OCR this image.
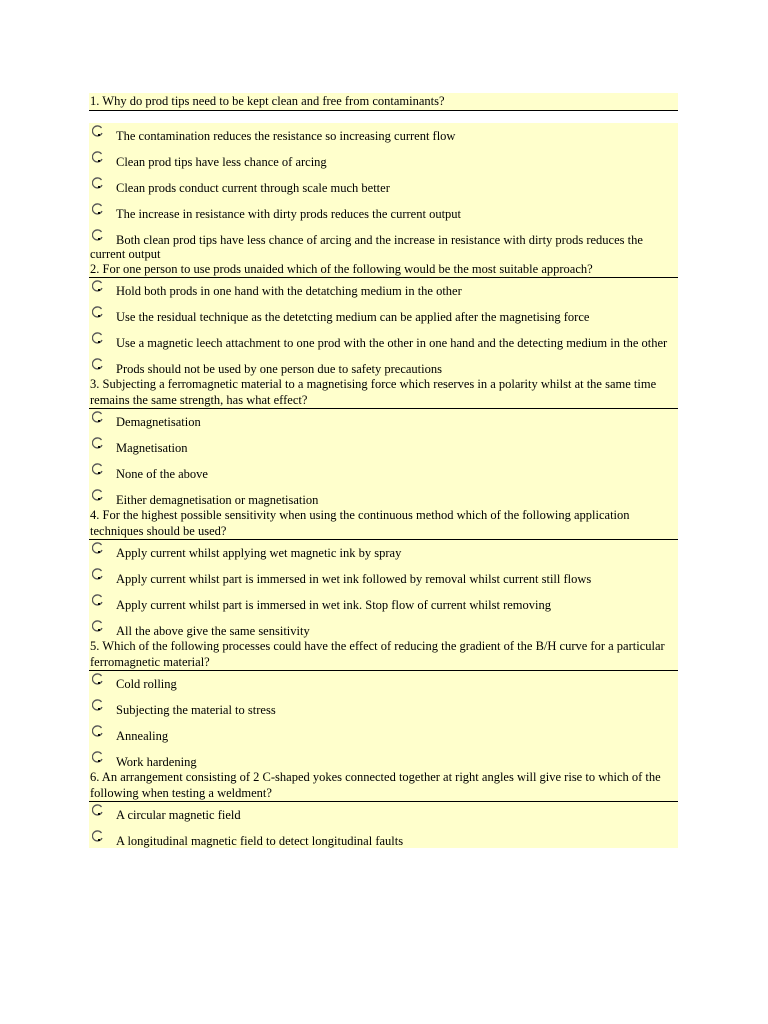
1. Why do prod tips need to be kept clean and free from contaminants?
The contamination reduces the resistance so increasing current flow
Clean prod tips have less chance of arcing
Clean prods conduct current through scale much better
The increase in resistance with dirty prods reduces the current output
Both clean prod tips have less chance of arcing and the increase in resistance with dirty prods reduces the current output
2. For one person to use prods unaided which of the following would be the most suitable approach?
Hold both prods in one hand with the detatching medium in the other
Use the residual technique as the detetcting medium can be applied after the magnetising force
Use a magnetic leech attachment to one prod with the other in one hand and the detecting medium in the other
Prods should not be used by one person due to safety precautions
3. Subjecting a ferromagnetic material to a magnetising force which reserves in a polarity whilst at the same time remains the same strength, has what effect?
Demagnetisation
Magnetisation
None of the above
Either demagnetisation or magnetisation
4. For the highest possible sensitivity when using the continuous method which of the following application techniques should be used?
Apply current whilst applying wet magnetic ink by spray
Apply current whilst part is immersed in wet ink followed by removal whilst current still flows
Apply current whilst part is immersed in wet ink. Stop flow of current whilst removing
All the above give the same sensitivity
5. Which of the following processes could have the effect of reducing the gradient of the B/H curve for a particular ferromagnetic material?
Cold rolling
Subjecting the material to stress
Annealing
Work hardening
6. An arrangement consisting of 2 C-shaped yokes connected together at right angles will give rise to which of the following when testing a weldment?
A circular magnetic field
A longitudinal magnetic field to detect longitudinal faults
